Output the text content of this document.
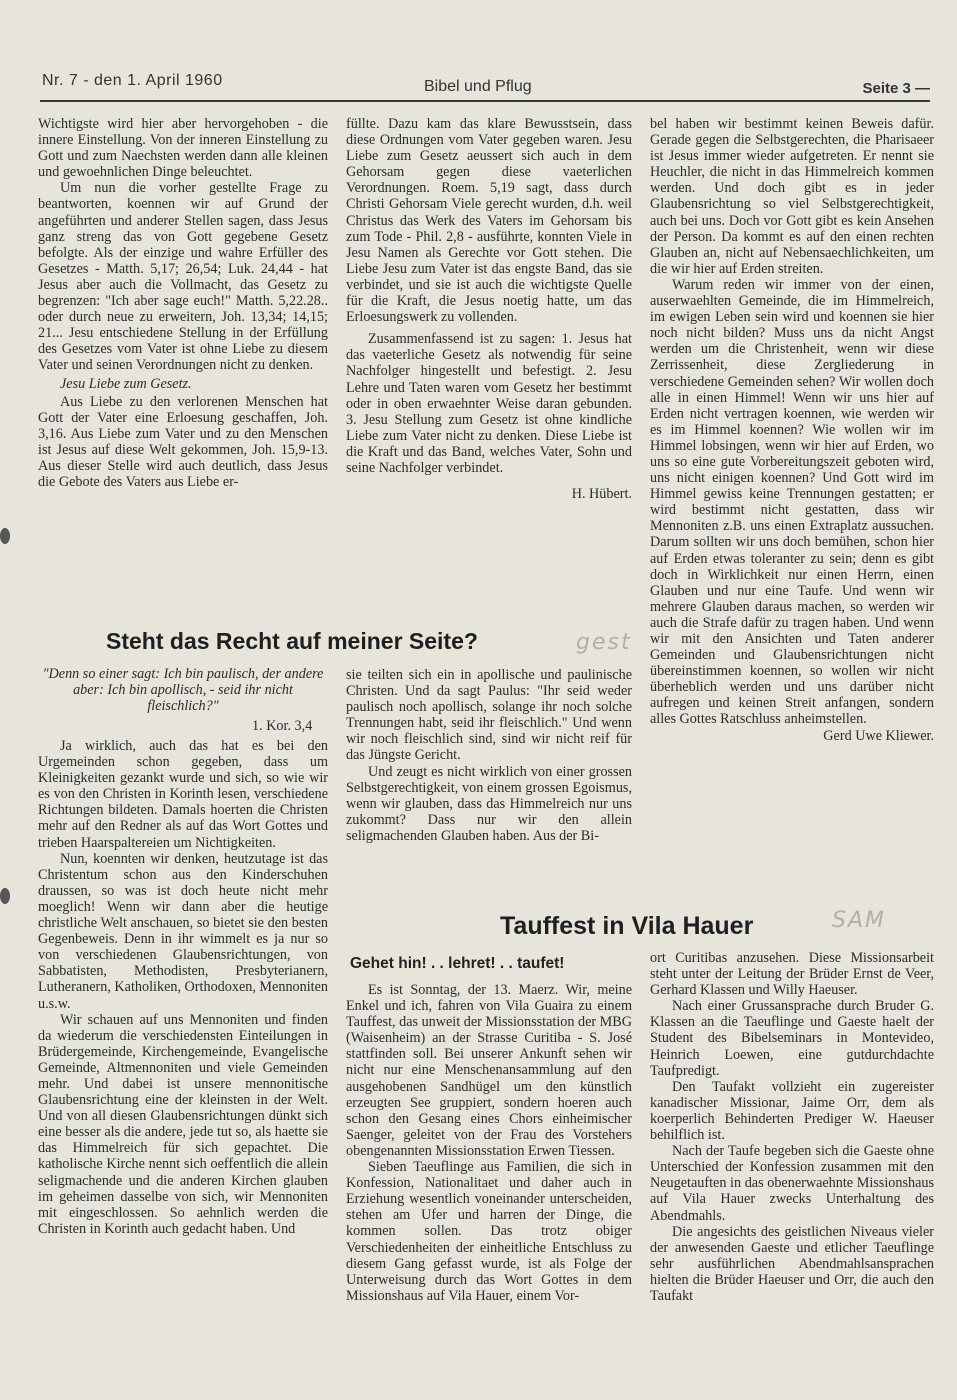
Nr. 7 - den 1. April 1960	Bibel und Pflug	Seite 3 —

Wichtigste wird hier aber hervorgehoben - die innere Einstellung. Von der inneren Einstellung zu Gott und zum Naechsten werden dann alle kleinen und gewoehnlichen Dinge beleuchtet.

Um nun die vorher gestellte Frage zu beantworten, koennen wir auf Grund der angeführten und anderer Stellen sagen, dass Jesus ganz streng das von Gott gegebene Gesetz befolgte. Als der einzige und wahre Erfüller des Gesetzes - Matth. 5,17; 26,54; Luk. 24,44 - hat Jesus aber auch die Vollmacht, das Gesetz zu begrenzen: "Ich aber sage euch!" Matth. 5,22.28.. oder durch neue zu erweitern, Joh. 13,34; 14,15; 21... Jesu entschiedene Stellung in der Erfüllung des Gesetzes vom Vater ist ohne Liebe zu diesem Vater und seinen Verordnungen nicht zu denken.

Jesu Liebe zum Gesetz.

Aus Liebe zu den verlorenen Menschen hat Gott der Vater eine Erloesung geschaffen, Joh. 3,16. Aus Liebe zum Vater und zu den Menschen ist Jesus auf diese Welt gekommen, Joh. 15,9-13. Aus dieser Stelle wird auch deutlich, dass Jesus die Gebote des Vaters aus Liebe er-

füllte. Dazu kam das klare Bewusstsein, dass diese Ordnungen vom Vater gegeben waren. Jesu Liebe zum Gesetz aeussert sich auch in dem Gehorsam gegen diese vaeterlichen Verordnungen. Roem. 5,19 sagt, dass durch Christi Gehorsam Viele gerecht wurden, d.h. weil Christus das Werk des Vaters im Gehorsam bis zum Tode - Phil. 2,8 - ausführte, konnten Viele in Jesu Namen als Gerechte vor Gott stehen. Die Liebe Jesu zum Vater ist das engste Band, das sie verbindet, und sie ist auch die wichtigste Quelle für die Kraft, die Jesus noetig hatte, um das Erloesungswerk zu vollenden.

Zusammenfassend ist zu sagen: 1. Jesus hat das vaeterliche Gesetz als notwendig für seine Nachfolger hingestellt und befestigt. 2. Jesu Lehre und Taten waren vom Gesetz her bestimmt oder in oben erwaehnter Weise daran gebunden. 3. Jesu Stellung zum Gesetz ist ohne kindliche Liebe zum Vater nicht zu denken. Diese Liebe ist die Kraft und das Band, welches Vater, Sohn und seine Nachfolger verbindet.

H. Hübert.

bel haben wir bestimmt keinen Beweis dafür. Gerade gegen die Selbstgerechten, die Pharisaeer ist Jesus immer wieder aufgetreten. Er nennt sie Heuchler, die nicht in das Himmelreich kommen werden. Und doch gibt es in jeder Glaubensrichtung so viel Selbstgerechtigkeit, auch bei uns. Doch vor Gott gibt es kein Ansehen der Person. Da kommt es auf den einen rechten Glauben an, nicht auf Nebensaechlichkeiten, um die wir hier auf Erden streiten.

Warum reden wir immer von der einen, auserwaehlten Gemeinde, die im Himmelreich, im ewigen Leben sein wird und koennen sie hier noch nicht bilden? Muss uns da nicht Angst werden um die Christenheit, wenn wir diese Zerrissenheit, diese Zergliederung in verschiedene Gemeinden sehen? Wir wollen doch alle in einen Himmel! Wenn wir uns hier auf Erden nicht vertragen koennen, wie werden wir es im Himmel koennen? Wie wollen wir im Himmel lobsingen, wenn wir hier auf Erden, wo uns so eine gute Vorbereitungszeit geboten wird, uns nicht einigen koennen? Und Gott wird im Himmel gewiss keine Trennungen gestatten; er wird bestimmt nicht gestatten, dass wir Mennoniten z.B. uns einen Extraplatz aussuchen. Darum sollten wir uns doch bemühen, schon hier auf Erden etwas toleranter zu sein; denn es gibt doch in Wirklichkeit nur einen Herrn, einen Glauben und nur eine Taufe. Und wenn wir mehrere Glauben daraus machen, so werden wir auch die Strafe dafür zu tragen haben. Und wenn wir mit den Ansichten und Taten anderer Gemeinden und Glaubensrichtungen nicht übereinstimmen koennen, so wollen wir nicht überheblich werden und uns darüber nicht aufregen und keinen Streit anfangen, sondern alles Gottes Ratschluss anheimstellen.

Gerd Uwe Kliewer.

Steht das Recht auf meiner Seite?	gest
"Denn so einer sagt: Ich bin paulisch, der andere aber: Ich bin apollisch, - seid ihr nicht fleischlich?"
1. Kor. 3,4

Ja wirklich, auch das hat es bei den Urgemeinden schon gegeben, dass um Kleinigkeiten gezankt wurde und sich, so wie wir es von den Christen in Korinth lesen, verschiedene Richtungen bildeten. Damals hoerten die Christen mehr auf den Redner als auf das Wort Gottes und trieben Haarspaltereien um Nichtigkeiten.

Nun, koennten wir denken, heutzutage ist das Christentum schon aus den Kinderschuhen draussen, so was ist doch heute nicht mehr moeglich! Wenn wir dann aber die heutige christliche Welt anschauen, so bietet sie den besten Gegenbeweis. Denn in ihr wimmelt es ja nur so von verschiedenen Glaubensrichtungen, von Sabbatisten, Methodisten, Presbyterianern, Lutheranern, Katholiken, Orthodoxen, Mennoniten u.s.w.

Wir schauen auf uns Mennoniten und finden da wiederum die verschiedensten Einteilungen in Brüdergemeinde, Kirchengemeinde, Evangelische Gemeinde, Altmennoniten und viele Gemeinden mehr. Und dabei ist unsere mennonitische Glaubensrichtung eine der kleinsten in der Welt. Und von all diesen Glaubensrichtungen dünkt sich eine besser als die andere, jede tut so, als haette sie das Himmelreich für sich gepachtet. Die katholische Kirche nennt sich oeffentlich die allein seligmachende und die anderen Kirchen glauben im geheimen dasselbe von sich, wir Mennoniten mit eingeschlossen. So aehnlich werden die Christen in Korinth auch gedacht haben. Und

sie teilten sich ein in apollische und paulinische Christen. Und da sagt Paulus: "Ihr seid weder paulisch noch apollisch, solange ihr noch solche Trennungen habt, seid ihr fleischlich." Und wenn wir noch fleischlich sind, sind wir nicht reif für das Jüngste Gericht.

Und zeugt es nicht wirklich von einer grossen Selbstgerechtigkeit, von einem grossen Egoismus, wenn wir glauben, dass das Himmelreich nur uns zukommt? Dass nur wir den allein seligmachenden Glauben haben. Aus der Bi-

Tauffest in Vila Hauer	SAM
Gehet hin! . . lehret! . . taufet!

Es ist Sonntag, der 13. Maerz. Wir, meine Enkel und ich, fahren von Vila Guaira zu einem Tauffest, das unweit der Missionsstation der MBG (Waisenheim) an der Strasse Curitiba - S. José stattfinden soll. Bei unserer Ankunft sehen wir nicht nur eine Menschenansammlung auf den ausgehobenen Sandhügel um den künstlich erzeugten See gruppiert, sondern hoeren auch schon den Gesang eines Chors einheimischer Saenger, geleitet von der Frau des Vorstehers obengenannten Missionsstation Erwen Tiessen.

Sieben Taeuflinge aus Familien, die sich in Konfession, Nationalitaet und daher auch in Erziehung wesentlich voneinander unterscheiden, stehen am Ufer und harren der Dinge, die kommen sollen. Das trotz obiger Verschiedenheiten der einheitliche Entschluss zu diesem Gang gefasst wurde, ist als Folge der Unterweisung durch das Wort Gottes in dem Missionshaus auf Vila Hauer, einem Vor-

ort Curitibas anzusehen. Diese Missionsarbeit steht unter der Leitung der Brüder Ernst de Veer, Gerhard Klassen und Willy Haeuser.

Nach einer Grussansprache durch Bruder G. Klassen an die Taeuflinge und Gaeste haelt der Student des Bibelseminars in Montevideo, Heinrich Loewen, eine gutdurchdachte Taufpredigt.

Den Taufakt vollzieht ein zugereister kanadischer Missionar, Jaime Orr, dem als koerperlich Behinderten Prediger W. Haeuser behilflich ist.

Nach der Taufe begeben sich die Gaeste ohne Unterschied der Konfession zusammen mit den Neugetauften in das obenerwaehnte Missionshaus auf Vila Hauer zwecks Unterhaltung des Abendmahls.

Die angesichts des geistlichen Niveaus vieler der anwesenden Gaeste und etlicher Taeuflinge sehr ausführlichen Abendmahlsansprachen hielten die Brüder Haeuser und Orr, die auch den Taufakt
